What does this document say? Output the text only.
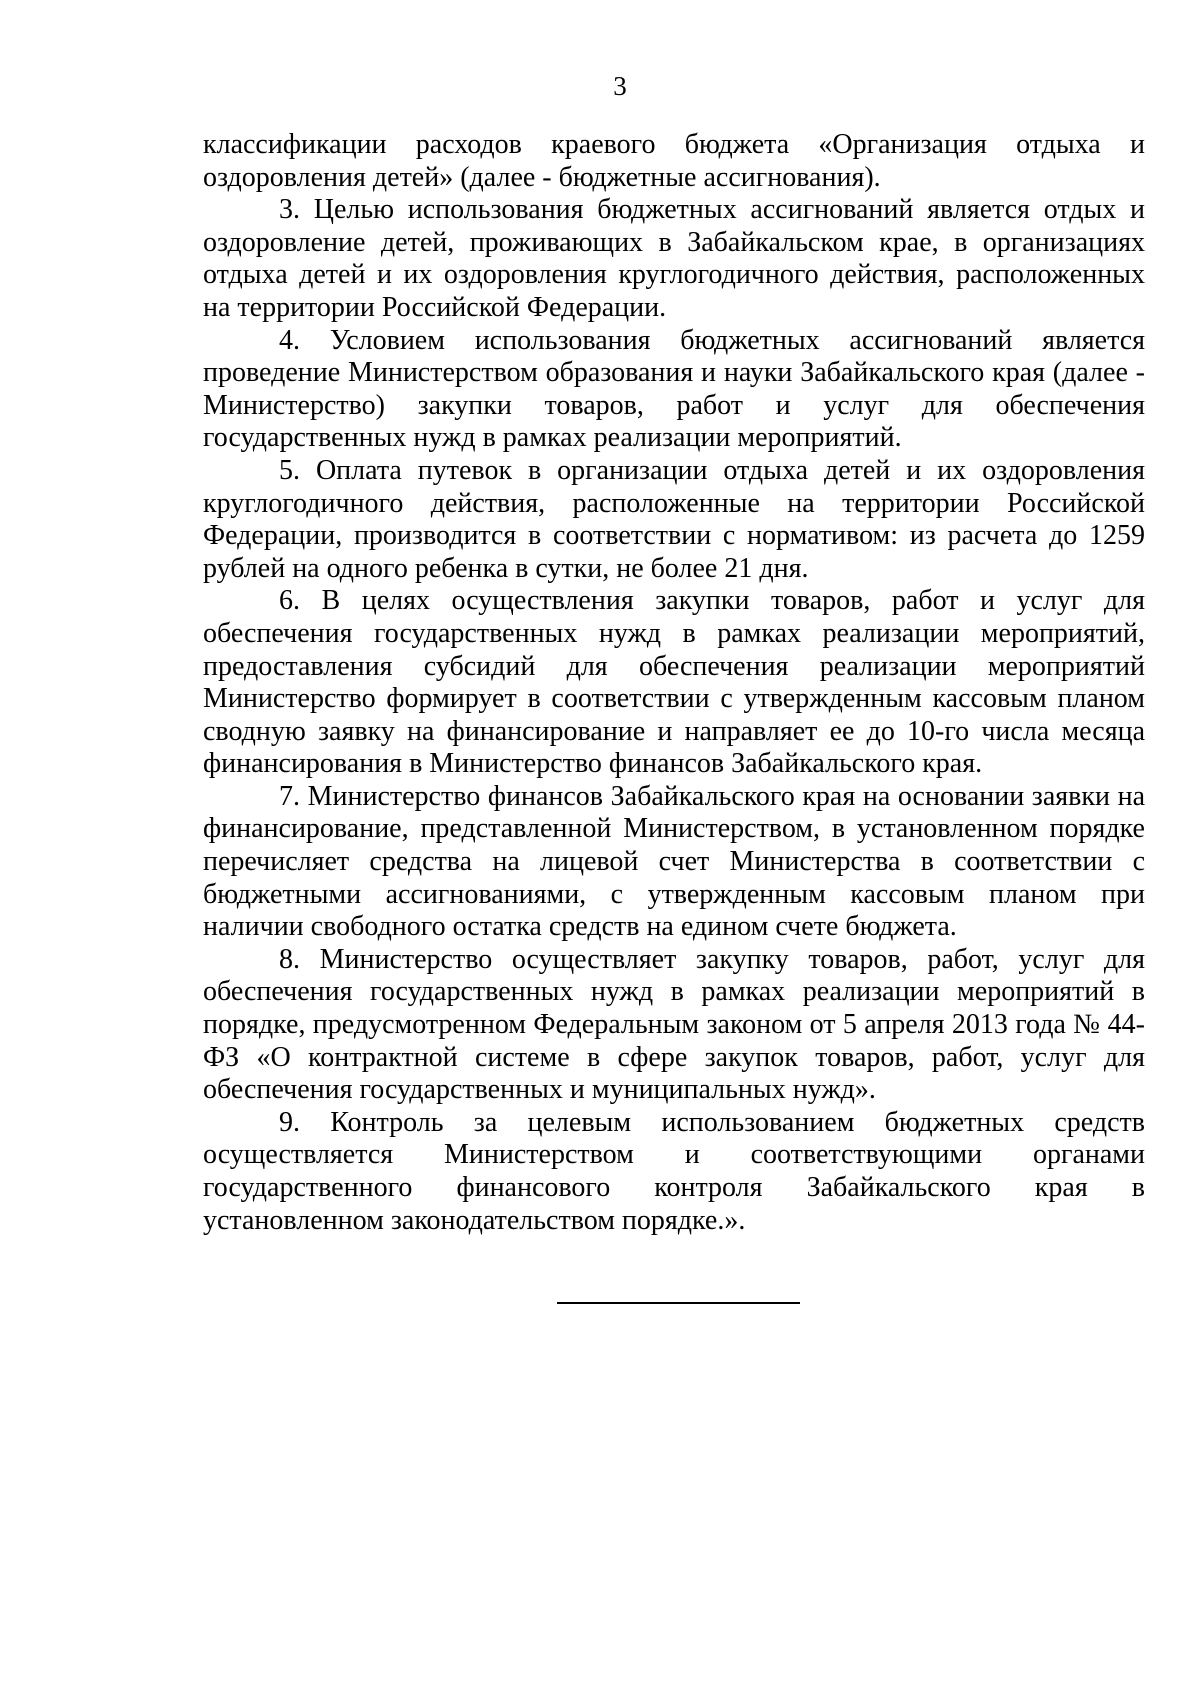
3

классификации расходов краевого бюджета «Организация отдыха и оздоровления детей» (далее - бюджетные ассигнования).

3. Целью использования бюджетных ассигнований является отдых и оздоровление детей, проживающих в Забайкальском крае, в организациях отдыха детей и их оздоровления круглогодичного действия, расположенных на территории Российской Федерации.

4. Условием использования бюджетных ассигнований является проведение Министерством образования и науки Забайкальского края (далее - Министерство) закупки товаров, работ и услуг для обеспечения государственных нужд в рамках реализации мероприятий.

5. Оплата путевок в организации отдыха детей и их оздоровления круглогодичного действия, расположенные на территории Российской Федерации, производится в соответствии с нормативом: из расчета до 1259 рублей на одного ребенка в сутки, не более 21 дня.

6. В целях осуществления закупки товаров, работ и услуг для обеспечения государственных нужд в рамках реализации мероприятий, предоставления субсидий для обеспечения реализации мероприятий Министерство формирует в соответствии с утвержденным кассовым планом сводную заявку на финансирование и направляет ее до 10-го числа месяца финансирования в Министерство финансов Забайкальского края.

7. Министерство финансов Забайкальского края на основании заявки на финансирование, представленной Министерством, в установленном порядке перечисляет средства на лицевой счет Министерства в соответствии с бюджетными ассигнованиями, с утвержденным кассовым планом при наличии свободного остатка средств на едином счете бюджета.

8. Министерство осуществляет закупку товаров, работ, услуг для обеспечения государственных нужд в рамках реализации мероприятий в порядке, предусмотренном Федеральным законом от 5 апреля 2013 года № 44-ФЗ «О контрактной системе в сфере закупок товаров, работ, услуг для обеспечения государственных и муниципальных нужд».

9. Контроль за целевым использованием бюджетных средств осуществляется Министерством и соответствующими органами государственного финансового контроля Забайкальского края в установленном законодательством порядке.».
